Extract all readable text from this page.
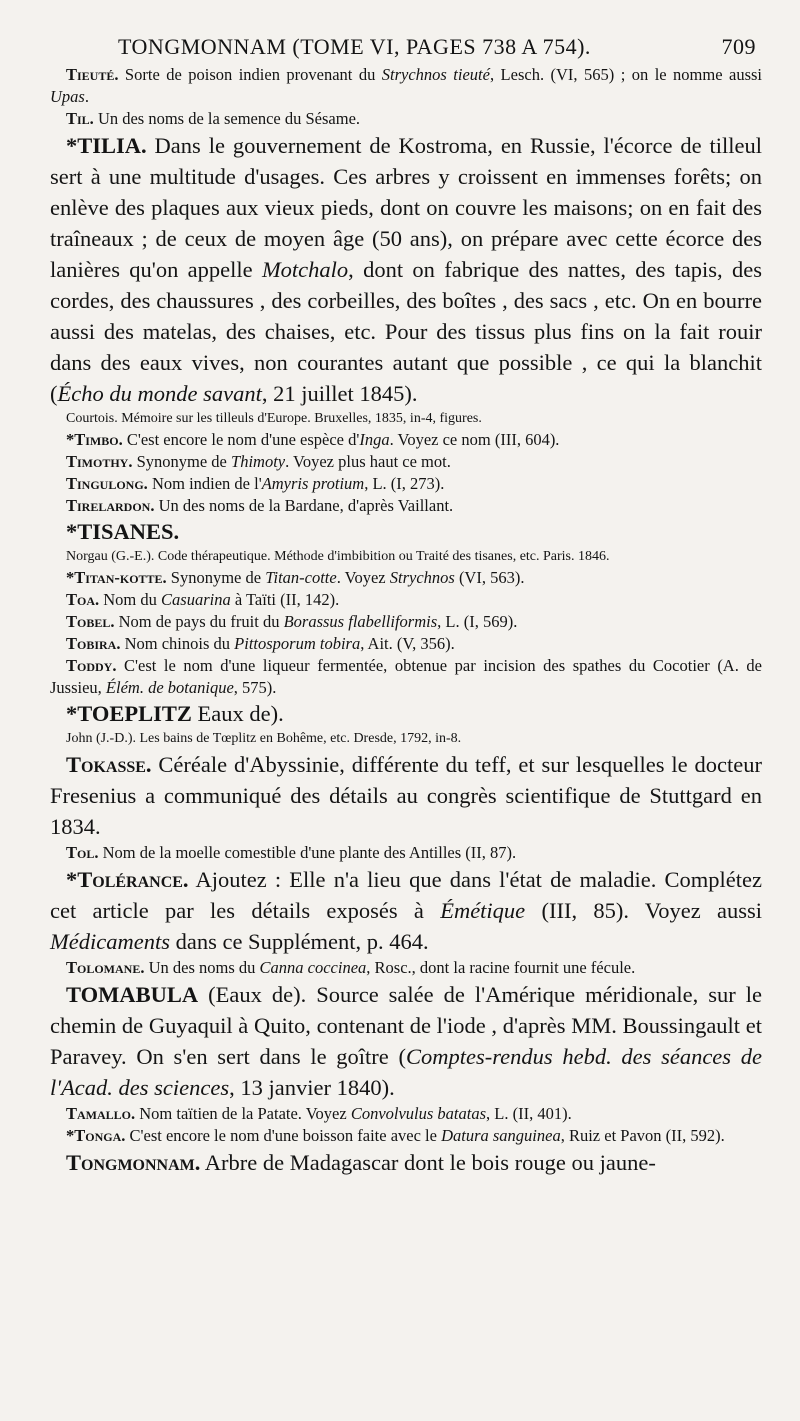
TONGMONNAM (TOME VI, PAGES 738 A 754).	709

Tieuté. Sorte de poison indien provenant du Strychnos tieuté, Lesch. (VI, 565) ; on le nomme aussi Upas.

Til. Un des noms de la semence du Sésame.

*TILIA. Dans le gouvernement de Kostroma, en Russie, l'écorce de tilleul sert à une multitude d'usages. Ces arbres y croissent en immenses forêts; on enlève des plaques aux vieux pieds, dont on couvre les maisons; on en fait des traîneaux ; de ceux de moyen âge (50 ans), on prépare avec cette écorce des lanières qu'on appelle Motchalo, dont on fabrique des nattes, des tapis, des cordes, des chaussures , des corbeilles, des boîtes , des sacs , etc. On en bourre aussi des matelas, des chaises, etc. Pour des tissus plus fins on la fait rouir dans des eaux vives, non courantes autant que possible , ce qui la blanchit (Écho du monde savant, 21 juillet 1845).

Courtois. Mémoire sur les tilleuls d'Europe. Bruxelles, 1835, in-4, figures.

*Timbo. C'est encore le nom d'une espèce d'Inga. Voyez ce nom (III, 604).

Timothy. Synonyme de Thimoty. Voyez plus haut ce mot.

Tingulong. Nom indien de l'Amyris protium, L. (I, 273).

Tirelardon. Un des noms de la Bardane, d'après Vaillant.

*TISANES.

Norgau (G.-E.). Code thérapeutique. Méthode d'imbibition ou Traité des tisanes, etc. Paris. 1846.

*Titan-kotte. Synonyme de Titan-cotte. Voyez Strychnos (VI, 563).

Toa. Nom du Casuarina à Taïti (II, 142).

Tobel. Nom de pays du fruit du Borassus flabelliformis, L. (I, 569).

Tobira. Nom chinois du Pittosporum tobira, Ait. (V, 356).

Toddy. C'est le nom d'une liqueur fermentée, obtenue par incision des spathes du Cocotier (A. de Jussieu, Élém. de botanique, 575).

*TOEPLITZ Eaux de).

John (J.-D.). Les bains de Tœplitz en Bohême, etc. Dresde, 1792, in-8.

Tokasse. Céréale d'Abyssinie, différente du teff, et sur lesquelles le docteur Fresenius a communiqué des détails au congrès scientifique de Stuttgard en 1834.

Tol. Nom de la moelle comestible d'une plante des Antilles (II, 87).

*Tolérance. Ajoutez : Elle n'a lieu que dans l'état de maladie. Complétez cet article par les détails exposés à Émétique (III, 85). Voyez aussi Médicaments dans ce Supplément, p. 464.

Tolomane. Un des noms du Canna coccinea, Rosc., dont la racine fournit une fécule.

TOMABULA (Eaux de). Source salée de l'Amérique méridionale, sur le chemin de Guyaquil à Quito, contenant de l'iode , d'après MM. Boussingault et Paravey. On s'en sert dans le goître (Comptes-rendus hebd. des séances de l'Acad. des sciences, 13 janvier 1840).

Tamallo. Nom taïtien de la Patate. Voyez Convolvulus batatas, L. (II, 401).

*Tonga. C'est encore le nom d'une boisson faite avec le Datura sanguinea, Ruiz et Pavon (II, 592).

Tongmonnam. Arbre de Madagascar dont le bois rouge ou jaune-
